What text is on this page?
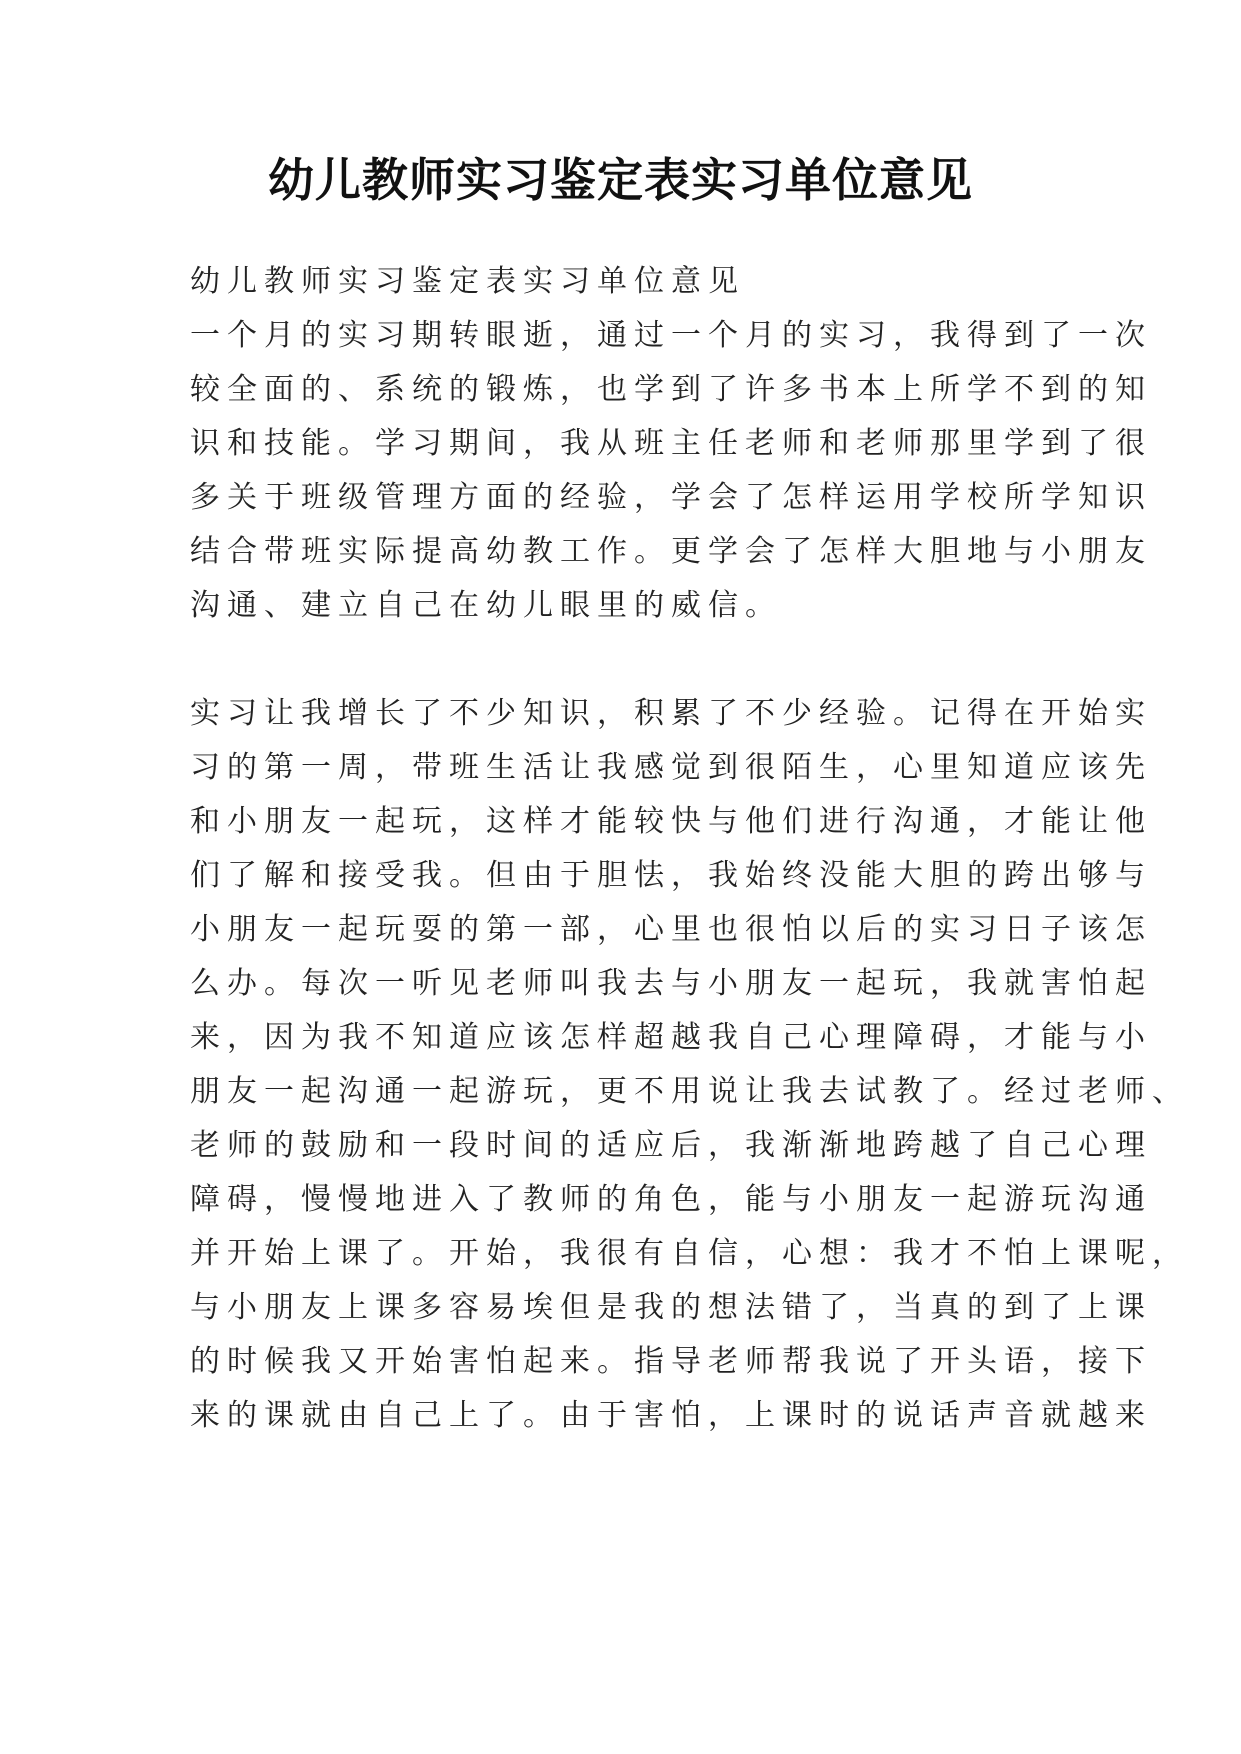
幼儿教师实习鉴定表实习单位意见
幼儿教师实习鉴定表实习单位意见
一个月的实习期转眼逝，通过一个月的实习，我得到了一次
较全面的、系统的锻炼，也学到了许多书本上所学不到的知
识和技能。学习期间，我从班主任老师和老师那里学到了很
多关于班级管理方面的经验，学会了怎样运用学校所学知识
结合带班实际提高幼教工作。更学会了怎样大胆地与小朋友
沟通、建立自己在幼儿眼里的威信。
实习让我增长了不少知识，积累了不少经验。记得在开始实
习的第一周，带班生活让我感觉到很陌生，心里知道应该先
和小朋友一起玩，这样才能较快与他们进行沟通，才能让他
们了解和接受我。但由于胆怯，我始终没能大胆的跨出够与
小朋友一起玩耍的第一部，心里也很怕以后的实习日子该怎
么办。每次一听见老师叫我去与小朋友一起玩，我就害怕起
来，因为我不知道应该怎样超越我自己心理障碍，才能与小
朋友一起沟通一起游玩，更不用说让我去试教了。经过老师、
老师的鼓励和一段时间的适应后，我渐渐地跨越了自己心理
障碍，慢慢地进入了教师的角色，能与小朋友一起游玩沟通
并开始上课了。开始，我很有自信，心想：我才不怕上课呢，
与小朋友上课多容易埃但是我的想法错了，当真的到了上课
的时候我又开始害怕起来。指导老师帮我说了开头语，接下
来的课就由自己上了。由于害怕，上课时的说话声音就越来
